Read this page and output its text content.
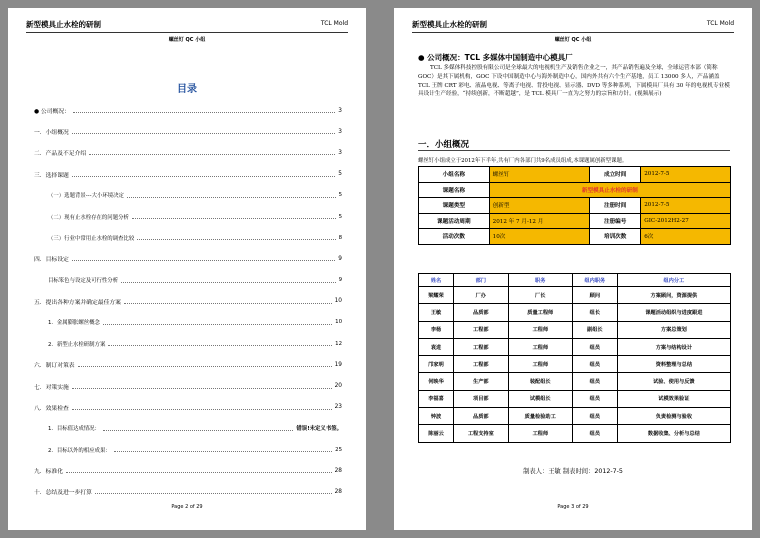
新型模具止水栓的研制	TCL Mold
螺丝钉 QC 小组
目录
● 公司概况：	3
一．小组概况	3
二．产品及不足介绍	3
三．选择课题	5
（一）选题背景---大小环境决定	5
（二）现有止水栓存在的问题分析	5
（三）行业中常用止水栓的调查比较	8
四．目标设定	9
目标笨色与设定及可行性分析	9
五．提出各种方案并确定最佳方案	10
1．金属膨胀螺丝概念	10
2．新型止水栓研制方案	12
六．制订对策表	19
七．对策实施	20
八．效果检查	23
1．目标值达成情况：	错误!未定义书签。
2．目标以外的相应成果：	25
九．标准化	28
十．总结及进一步打算	28
Page 2 of 29
新型模具止水栓的研制	TCL Mold
螺丝钉 QC 小组
● 公司概况：TCL 多媒体中国制造中心模具厂
TCL 多媒体科技控股有限公司是全球最大的电视机生产及销售企业之一，其产品销售遍及全球，全球运营本部（简称 GOC）是其下属机构，GOC 下设中国制造中心与海外制造中心，国内外共有六个生产基地，员工 13000 多人，产品涵盖 TCL 王牌 CRT 彩电、液晶电视、等离子电视、背投电视、显示器、DVD 等多种系列，下属模具厂具有 30 年的电视机专业模具设计生产经验，“持续创新，不断超越”，是 TCL 模具厂一直为之努力的宗旨和方针。(视频展示)
一．小组概况
螺丝钉小组成立于2012年下半年,共有厂内各部门共9名成员组成,本课题属创新型课题。
小组名称	螺丝钉	成立时间	2012-7-5
课题名称	新型模具止水栓的研制		
课题类型	创新型	注册时间	2012-7-5
课题活动周期	2012 年 7 月-12 月	注册编号	GIC-2012H2-27
活动次数	10次	培训次数	6次
姓名	部门	职务	组内职务	组内分工
梁耀荣	厂办	厂长	顾问	方案顾问，资源提供
王敏	品质部	质量工程师	组长	课题活动组织与进度跟进
李杨	工程部	工程师	副组长	方案总策划
袁进	工程部	工程师	组员	方案与结构设计
邝家明	工程部	工程师	组员	资料整理与总结
何映华	生产部	装配组长	组员	试验、使用与反馈
李福喜	项目部	试模组长	组员	试模效果验证
钟波	品质部	质量检验助工	组员	负责检测与验收
陈丽云	工程支持室	工程师	组员	数据收集、分析与总结
制表人：王敏 制表时间：2012-7-5
Page 3 of 29
